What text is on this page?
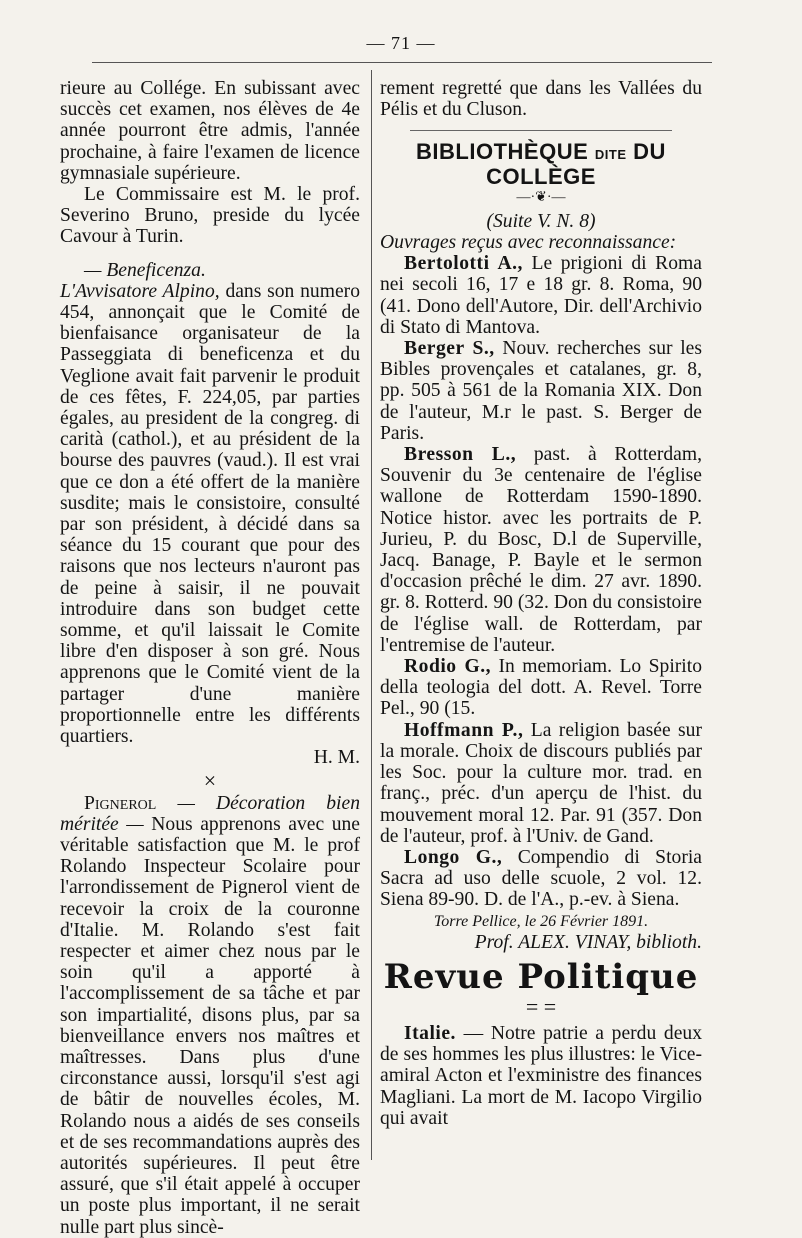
— 71 —

rieure au Collége. En subissant avec succès cet examen, nos élèves de 4e année pourront être admis, l'année prochaine, à faire l'examen de licence gymnasiale supérieure.

Le Commissaire est M. le prof. Severino Bruno, preside du lycée Cavour à Turin.

— Beneficenza.

L'Avvisatore Alpino, dans son numero 454, annonçait que le Comité de bienfaisance organisateur de la Passeggiata di beneficenza et du Veglione avait fait parvenir le produit de ces fêtes, F. 224,05, par parties égales, au president de la congreg. di carità (cathol.), et au président de la bourse des pauvres (vaud.). Il est vrai que ce don a été offert de la manière susdite; mais le consistoire, consulté par son président, à décidé dans sa séance du 15 courant que pour des raisons que nos lecteurs n'auront pas de peine à saisir, il ne pouvait introduire dans son budget cette somme, et qu'il laissait le Comite libre d'en disposer à son gré. Nous apprenons que le Comité vient de la partager d'une manière proportionnelle entre les différents quartiers.

H. M.

×

Pignerol — Décoration bien méritée — Nous apprenons avec une véritable satisfaction que M. le prof Rolando Inspecteur Scolaire pour l'arrondissement de Pignerol vient de recevoir la croix de la couronne d'Italie. M. Rolando s'est fait respecter et aimer chez nous par le soin qu'il a apporté à l'accomplissement de sa tâche et par son impartialité, disons plus, par sa bienveillance envers nos maîtres et maîtresses. Dans plus d'une circonstance aussi, lorsqu'il s'est agi de bâtir de nouvelles écoles, M. Rolando nous a aidés de ses conseils et de ses recommandations auprès des autorités supérieures. Il peut être assuré, que s'il était appelé à occuper un poste plus important, il ne serait nulle part plus sincè-

rement regretté que dans les Vallées du Pélis et du Cluson.

BIBLIOTHÈQUE DITE DU COLLÈGE
—·❦·—

(Suite V. N. 8)

Ouvrages reçus avec reconnaissance:

Bertolotti A., Le prigioni di Roma nei secoli 16, 17 e 18 gr. 8. Roma, 90 (41. Dono dell'Autore, Dir. dell'Archivio di Stato di Mantova.

Berger S., Nouv. recherches sur les Bibles provençales et catalanes, gr. 8, pp. 505 à 561 de la Romania XIX. Don de l'auteur, M.r le past. S. Berger de Paris.

Bresson L., past. à Rotterdam, Souvenir du 3e centenaire de l'église wallone de Rotterdam 1590-1890. Notice histor. avec les portraits de P. Jurieu, P. du Bosc, D.l de Superville, Jacq. Banage, P. Bayle et le sermon d'occasion prêché le dim. 27 avr. 1890. gr. 8. Rotterd. 90 (32. Don du consistoire de l'église wall. de Rotterdam, par l'entremise de l'auteur.

Rodio G., In memoriam. Lo Spirito della teologia del dott. A. Revel. Torre Pel., 90 (15.

Hoffmann P., La religion basée sur la morale. Choix de discours publiés par les Soc. pour la culture mor. trad. en franç., préc. d'un aperçu de l'hist. du mouvement moral 12. Par. 91 (357. Don de l'auteur, prof. à l'Univ. de Gand.

Longo G., Compendio di Storia Sacra ad uso delle scuole, 2 vol. 12. Siena 89-90. D. de l'A., p.-ev. à Siena.

Torre Pellice, le 26 Février 1891.

Prof. ALEX. VINAY, biblioth.

Revue Politique
= =

Italie. — Notre patrie a perdu deux de ses hommes les plus illustres: le Vice-amiral Acton et l'exministre des finances Magliani. La mort de M. Iacopo Virgilio qui avait
